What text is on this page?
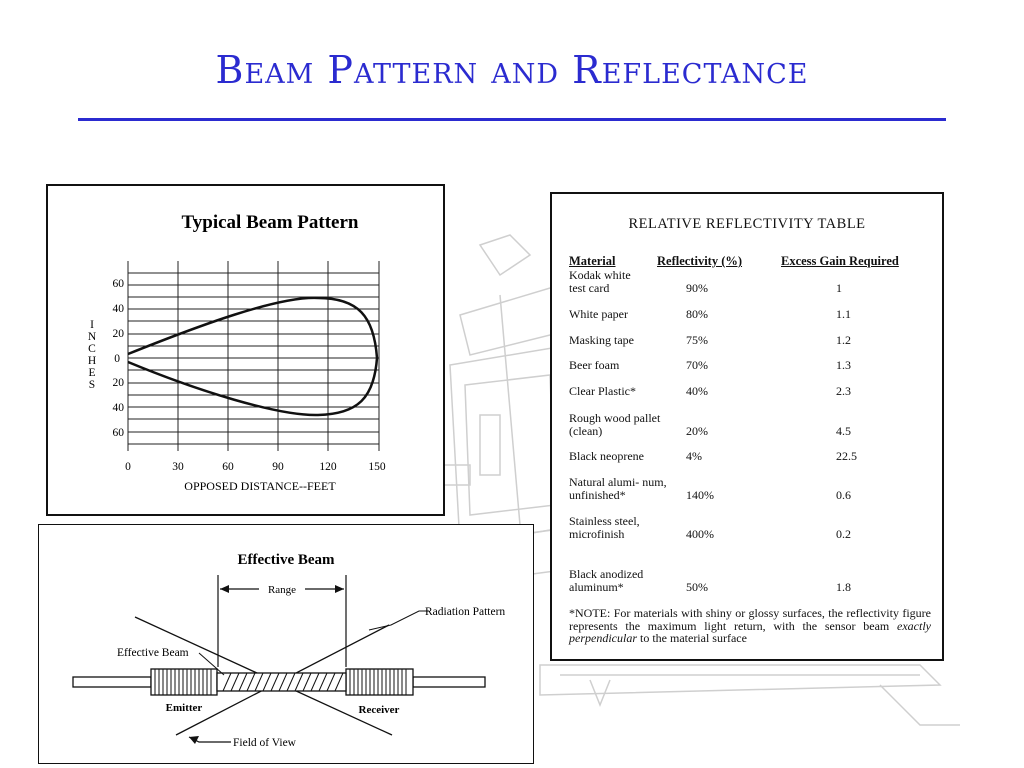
Beam Pattern and Reflectance
Typical Beam Pattern
60
40
20
0
20
40
60
I
N
C
H
E
S
0	30	60	90	120	150
OPPOSED DISTANCE--FEET
Effective Beam
Range
Radiation Pattern
Effective Beam
Emitter	Receiver
Field of View
RELATIVE REFLECTIVITY TABLE
Material	Reflectivity (%)	Excess Gain Required
Kodak white test card	90%	1
White paper	80%	1.1
Masking tape	75%	1.2
Beer foam	70%	1.3
Clear Plastic*	40%	2.3
Rough wood pallet (clean)	20%	4.5
Black neoprene	4%	22.5
Natural alumi- num, unfinished*	140%	0.6
Stainless steel, microfinish	400%	0.2
Black anodized aluminum*	50%	1.8
*NOTE: For materials with shiny or glossy surfaces, the reflectivity figure represents the maximum light return, with the sensor beam exactly perpendicular to the material surface
